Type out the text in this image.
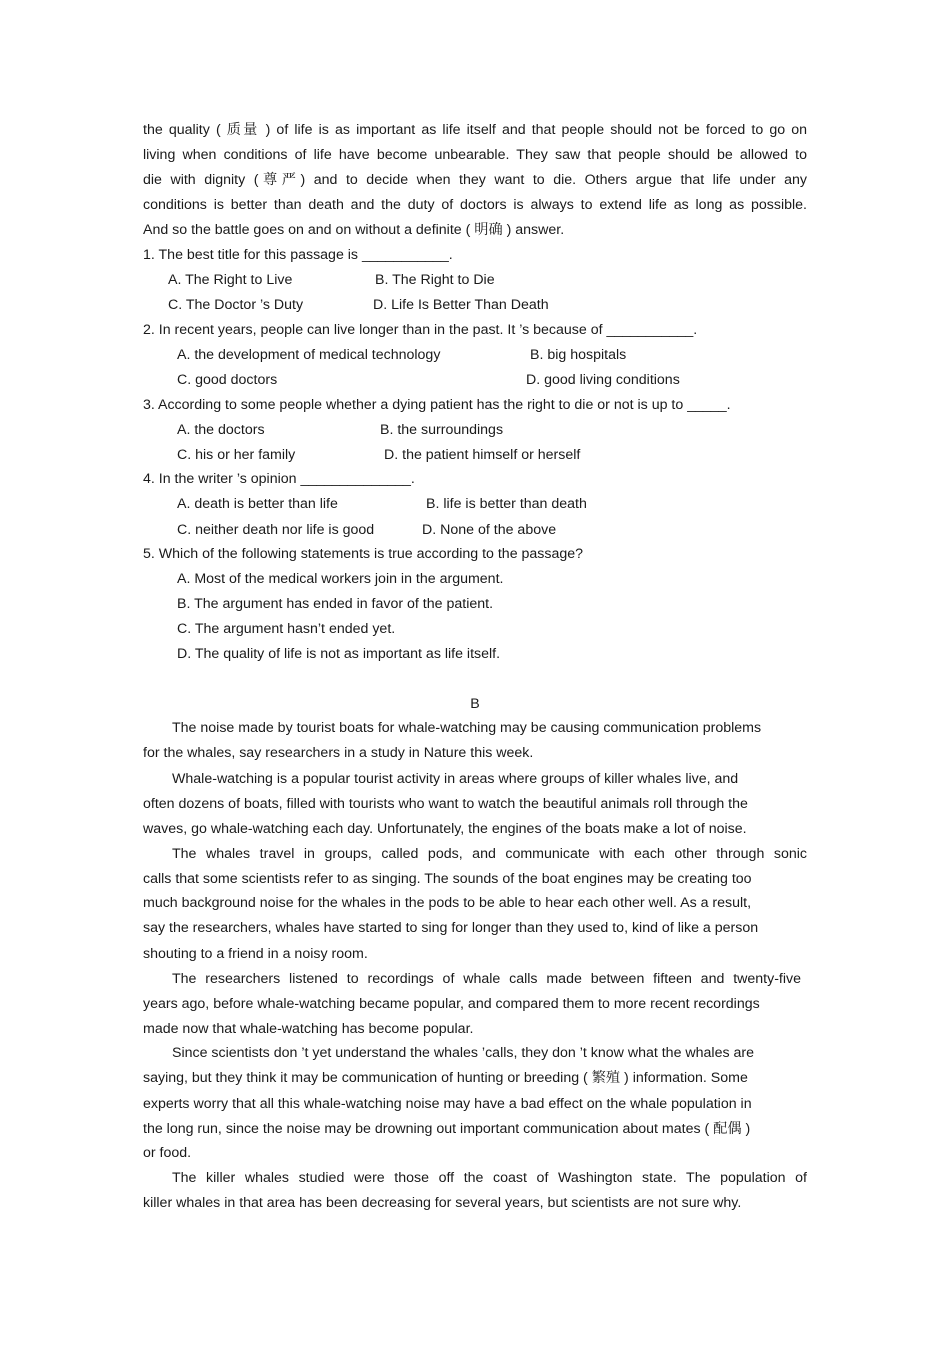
the quality ( 质量 ) of life is as important as life itself and that people should not be forced to go on
living when conditions of life have become unbearable. They saw that people should be allowed to
die with dignity (尊严) and to decide when they want to die. Others argue that life under any
conditions is better than death and the duty of doctors is always to extend life as long as possible.
And so the battle goes on and on without a definite ( 明确 ) answer.
1. The best title for this passage is ___________.
A. The Right to Live	B. The Right to Die
C. The Doctor ’s Duty	D. Life Is Better Than Death
2. In recent years, people can live longer than in the past. It ’s because of ___________.
A. the development of medical technology	B. big hospitals
C. good doctors	D. good living conditions
3. According to some people whether a dying patient has the right to die or not is up to _____.
A. the doctors	B. the surroundings
C. his or her family	D. the patient himself or herself
4. In the writer ’s opinion ______________.
A. death is better than life	B. life is better than death
C. neither death nor life is good	D. None of the above
5. Which of the following statements is true according to the passage?
A. Most of the medical workers join in the argument.
B. The argument has ended in favor of the patient.
C. The argument hasn’t ended yet.
D. The quality of life is not as important as life itself.
B
The noise made by tourist boats for whale-watching may be causing communication problems
for the whales, say researchers in a study in Nature this week.
Whale-watching is a popular tourist activity in areas where groups of killer whales live, and
often dozens of boats, filled with tourists who want to watch the beautiful animals roll through the
waves, go whale-watching each day. Unfortunately, the engines of the boats make a lot of noise.
The whales travel in groups, called pods, and communicate with each other through sonic
calls that some scientists refer to as singing. The sounds of the boat engines may be creating too
much background noise for the whales in the pods to be able to hear each other well. As a result,
say the researchers, whales have started to sing for longer than they used to, kind of like a person
shouting to a friend in a noisy room.
The researchers listened to recordings of whale calls made between fifteen and twenty-five
years ago, before whale-watching became popular, and compared them to more recent recordings
made now that whale-watching has become popular.
Since scientists don ’t yet understand the whales ’calls, they don ’t know what the whales are
saying, but they think it may be communication of hunting or breeding ( 繁殖 ) information. Some
experts worry that all this whale-watching noise may have a bad effect on the whale population in
the long run, since the noise may be drowning out important communication about mates ( 配偶 )
or food.
The killer whales studied were those off the coast of Washington state. The population of
killer whales in that area has been decreasing for several years, but scientists are not sure why.
